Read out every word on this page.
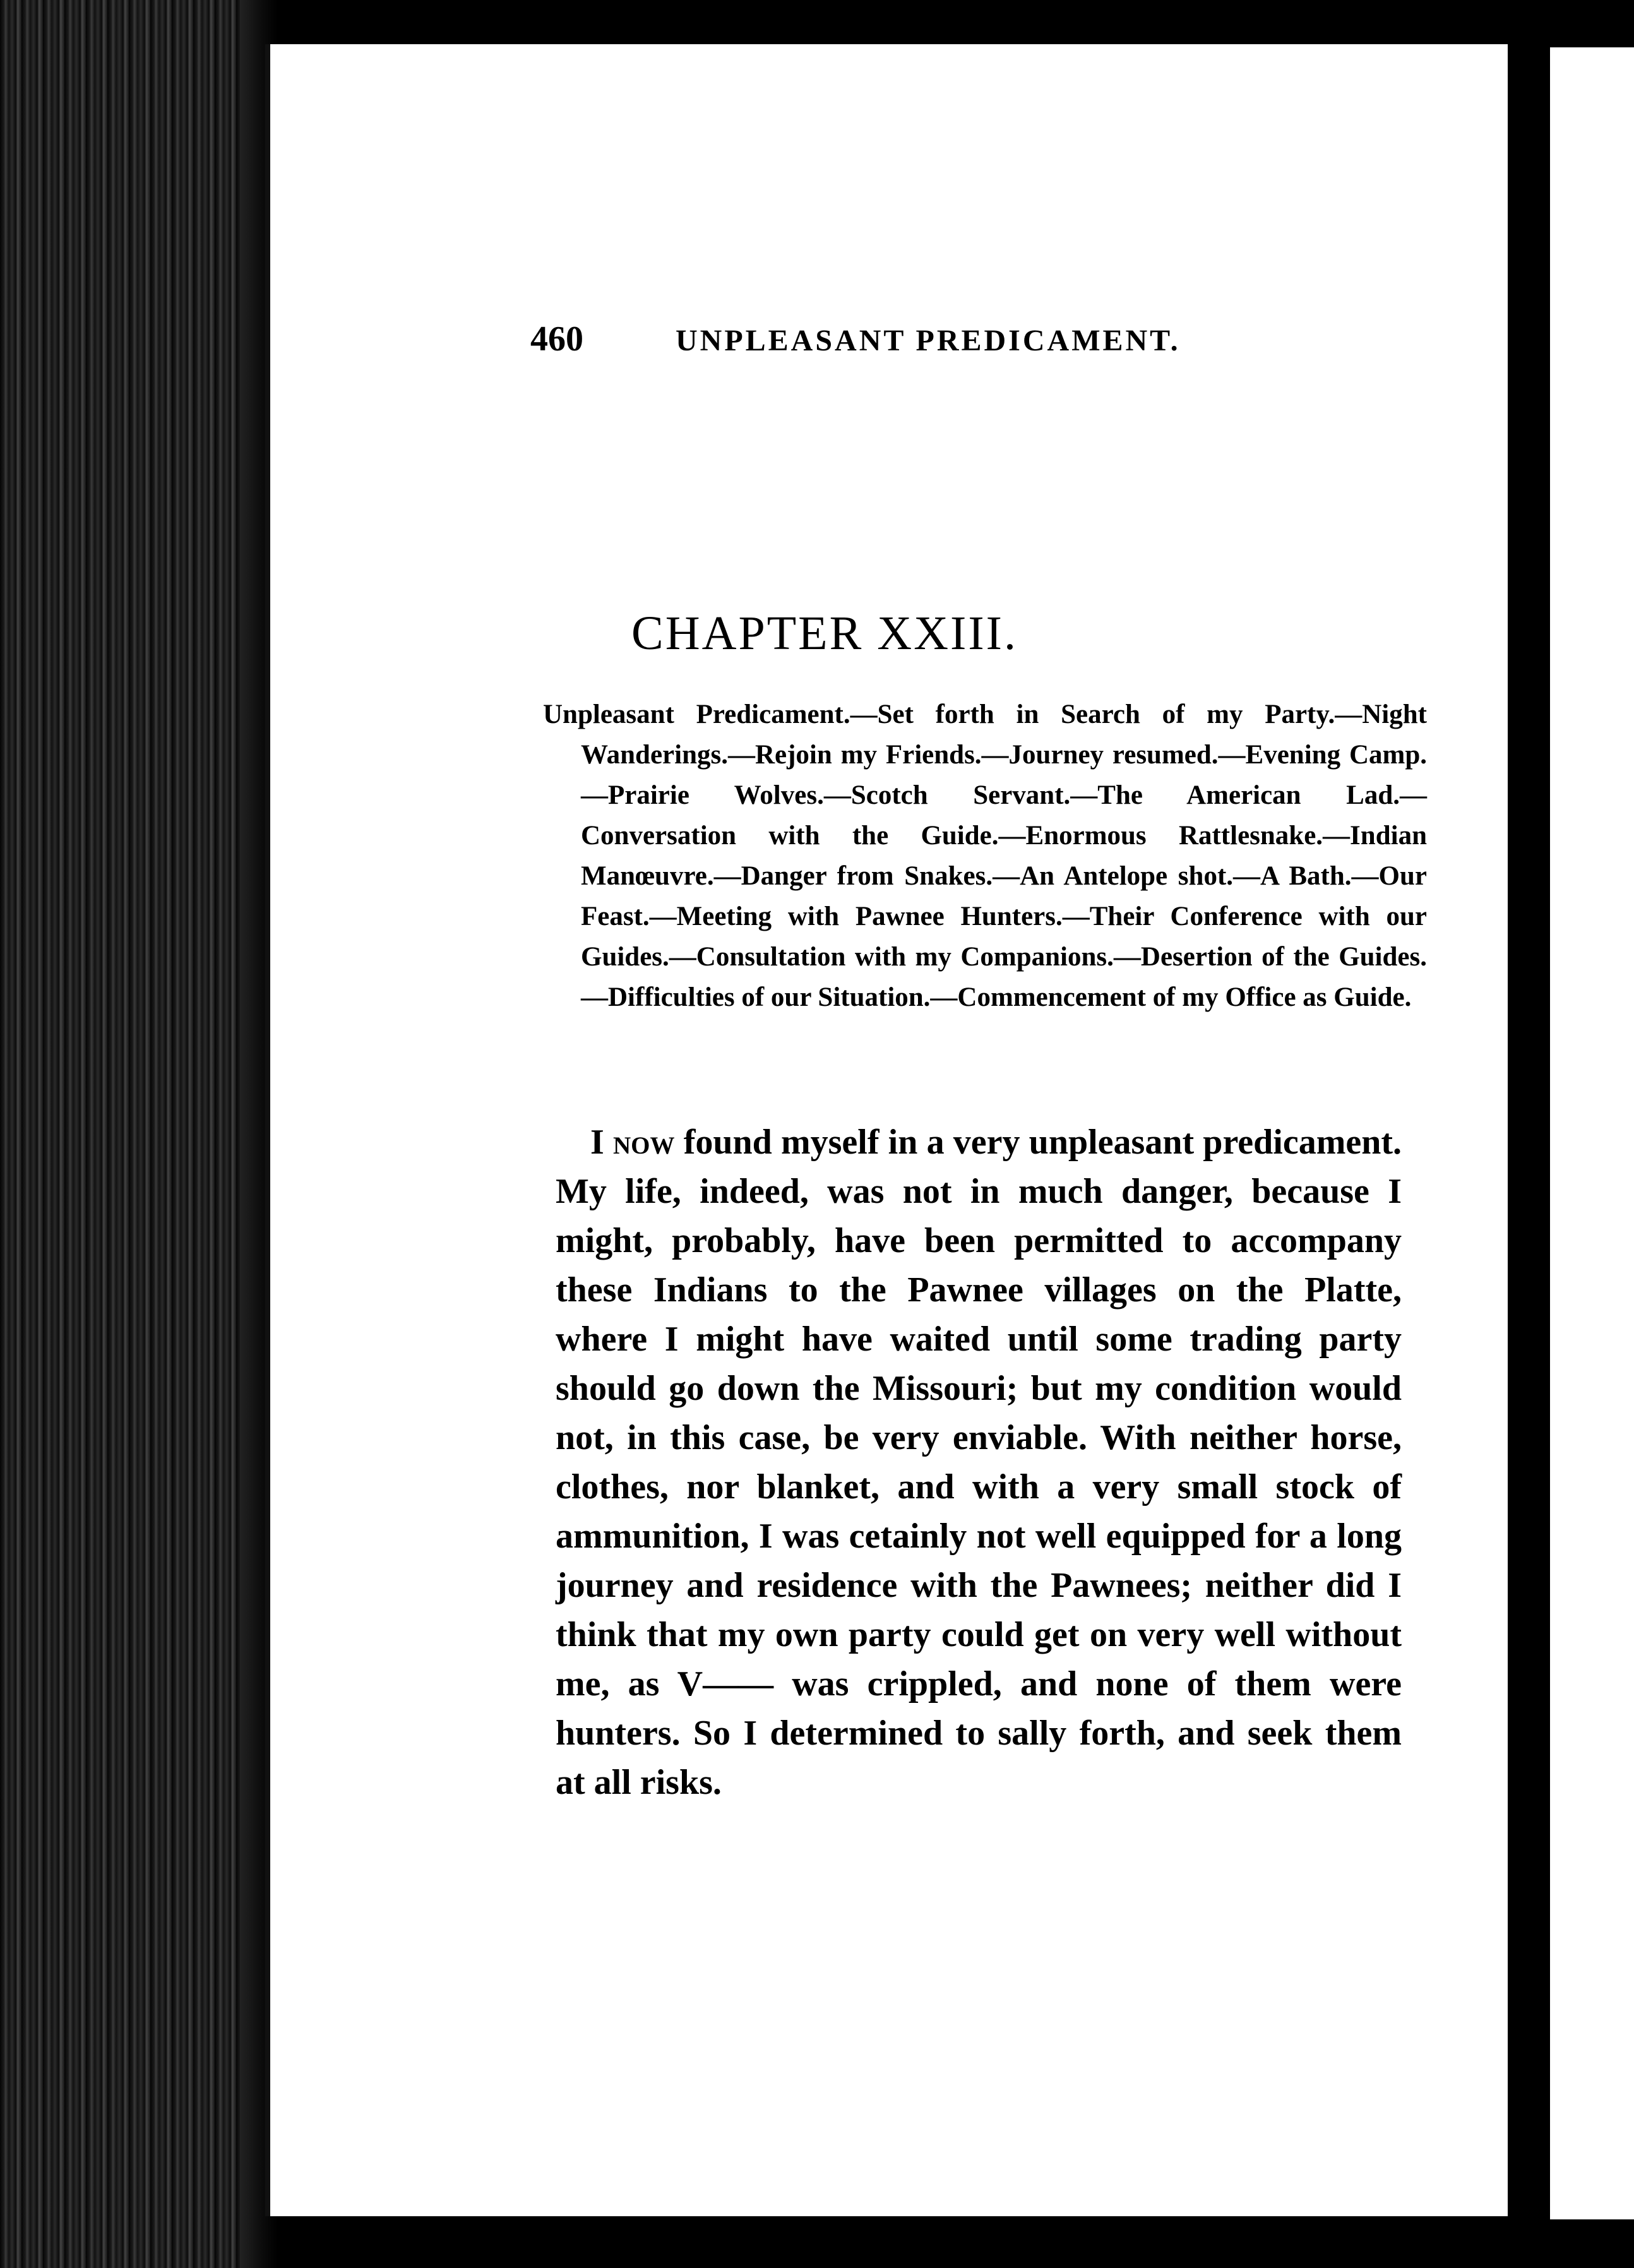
460	UNPLEASANT PREDICAMENT.
CHAPTER XXIII.
Unpleasant Predicament.—Set forth in Search of my Party.—Night Wanderings.—Rejoin my Friends.—Journey resumed.—Evening Camp.—Prairie Wolves.—Scotch Servant.—The American Lad.—Conversation with the Guide.—Enormous Rattlesnake.—Indian Manœuvre.—Danger from Snakes.—An Antelope shot.—A Bath.—Our Feast.—Meeting with Pawnee Hunters.—Their Conference with our Guides.—Consultation with my Companions.—Desertion of the Guides.—Difficulties of our Situation.—Commencement of my Office as Guide.
I now found myself in a very unpleasant predicament. My life, indeed, was not in much danger, because I might, probably, have been permitted to accompany these Indians to the Pawnee villages on the Platte, where I might have waited until some trading party should go down the Missouri; but my condition would not, in this case, be very enviable. With neither horse, clothes, nor blanket, and with a very small stock of ammunition, I was cetainly not well equipped for a long journey and residence with the Pawnees; neither did I think that my own party could get on very well without me, as V—— was crippled, and none of them were hunters. So I determined to sally forth, and seek them at all risks.
